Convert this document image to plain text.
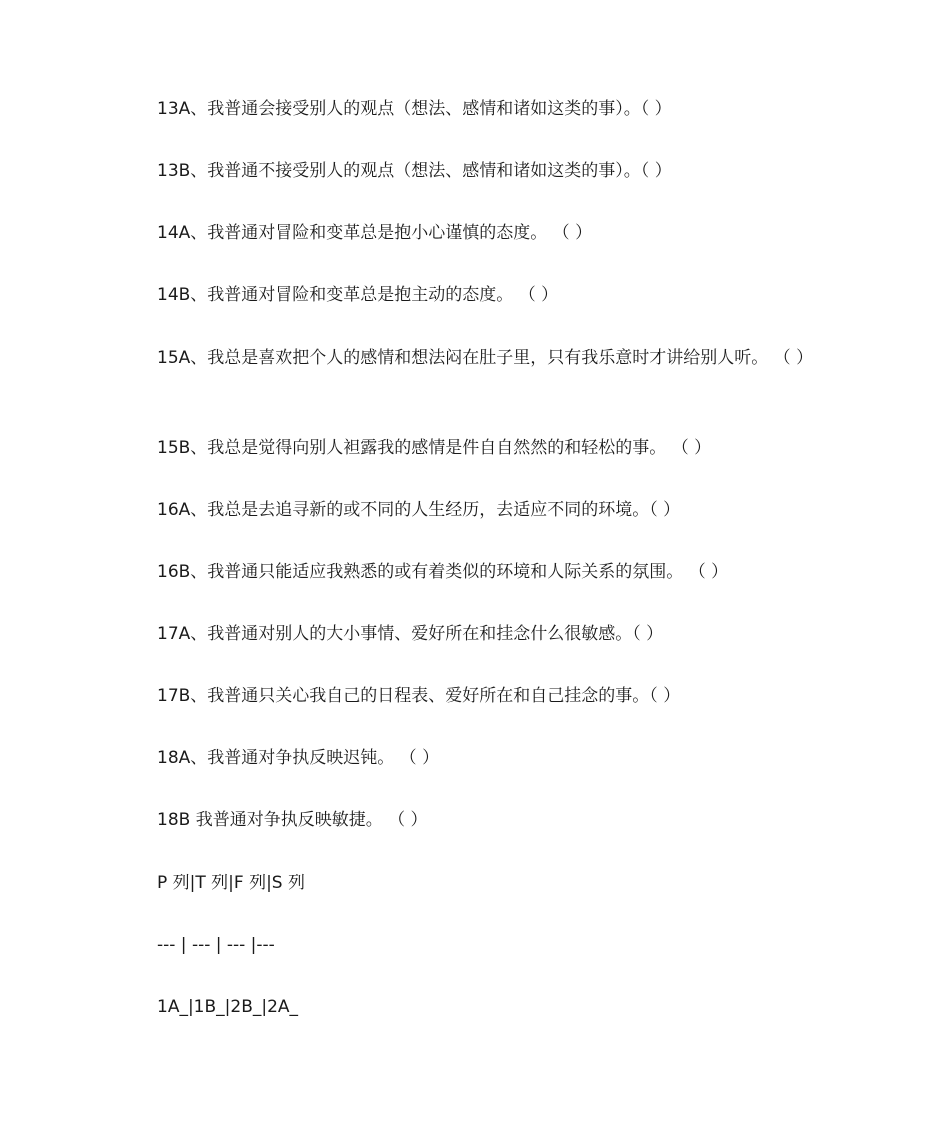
13A、我普通会接受别人的观点（想法、感情和诸如这类的事）。（ ）
13B、我普通不接受别人的观点（想法、感情和诸如这类的事）。（ ）
14A、我普通对冒险和变革总是抱小心谨慎的态度。 （ ）
14B、我普通对冒险和变革总是抱主动的态度。 （ ）
15A、我总是喜欢把个人的感情和想法闷在肚子里，只有我乐意时才讲给别人听。 （ ）
15B、我总是觉得向别人袒露我的感情是件自自然然的和轻松的事。 （ ）
16A、我总是去追寻新的或不同的人生经历，去适应不同的环境。（ ）
16B、我普通只能适应我熟悉的或有着类似的环境和人际关系的氛围。 （ ）
17A、我普通对别人的大小事情、爱好所在和挂念什么很敏感。（ ）
17B、我普通只关心我自己的日程表、爱好所在和自己挂念的事。（ ）
18A、我普通对争执反映迟钝。 （ ）
18B 我普通对争执反映敏捷。 （ ）
P 列|T 列|F 列|S 列
--- | --- | --- |---
1A_|1B_|2B_|2A_
